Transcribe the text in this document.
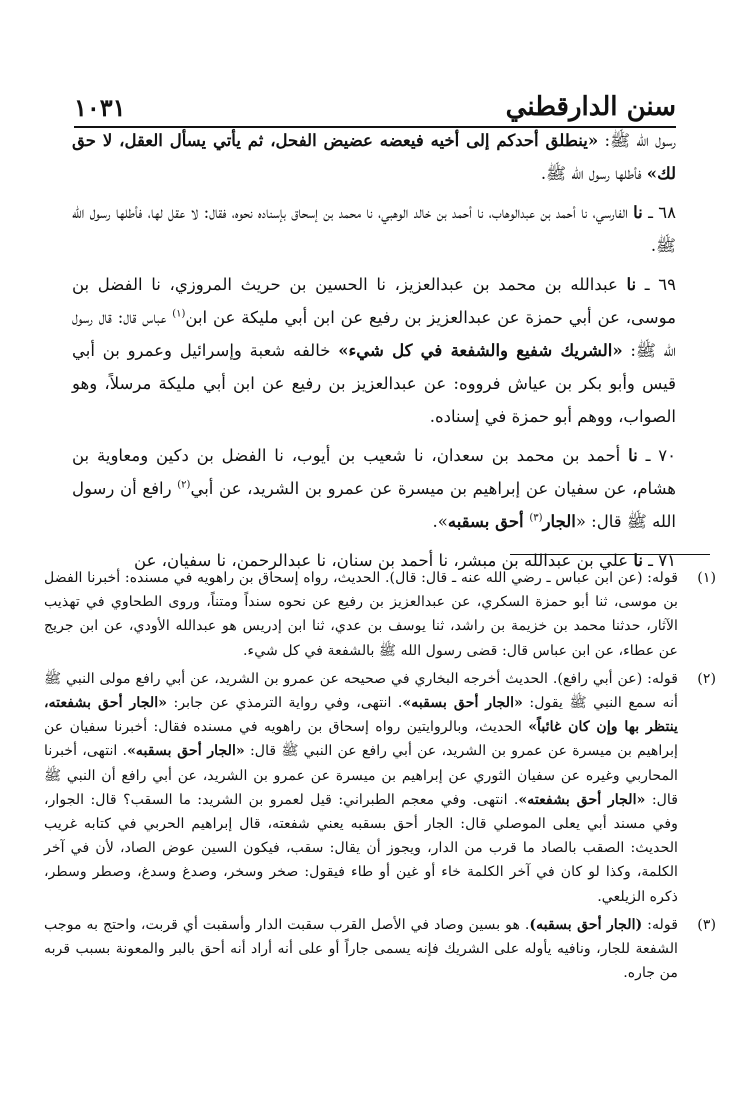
سنن الدارقطني
١٠٣١

رسول الله ﷺ: «ينطلق أحدكم إلى أخيه فيعضه عضيض الفحل، ثم يأتي يسأل العقل، لا حق لك» فأطلها رسول الله ﷺ.

٦٨ ـ نا الفارسي، نا أحمد بن عبدالوهاب، نا أحمد بن خالد الوهبي، نا محمد بن إسحاق بإسناده نحوه، فقال: لا عقل لها، فأطلها رسول الله ﷺ.

٦٩ ـ نا عبدالله بن محمد بن عبدالعزيز، نا الحسين بن حريث المروزي، نا الفضل بن موسى، عن أبي حمزة عن عبدالعزيز بن رفيع عن ابن أبي مليكة عن ابن$^{(١)}$ عباس قال: قال رسول الله ﷺ: «الشريك شفيع والشفعة في كل شيء» خالفه شعبة وإسرائيل وعمرو بن أبي قيس وأبو بكر بن عياش فرووه: عن عبدالعزيز بن رفيع عن ابن أبي مليكة مرسلاً، وهو الصواب، ووهم أبو حمزة في إسناده.

٧٠ ـ نا أحمد بن محمد بن سعدان، نا شعيب بن أيوب، نا الفضل بن دكين ومعاوية بن هشام، عن سفيان عن إبراهيم بن ميسرة عن عمرو بن الشريد، عن أبي$^{(٢)}$ رافع أن رسول الله ﷺ قال: «الجار$^{(٣)}$ أحق بسقبه».

٧١ ـ نا علي بن عبدالله بن مبشر، نا أحمد بن سنان، نا عبدالرحمن، نا سفيان، عن

(١)
قوله: (عن ابن عباس ـ رضي الله عنه ـ قال: قال). الحديث، رواه إسحاق بن راهويه في مسنده: أخبرنا الفضل بن موسى، ثنا أبو حمزة السكري، عن عبدالعزيز بن رفيع عن نحوه سنداً ومتناً، وروى الطحاوي في تهذيب الآثار، حدثنا محمد بن خزيمة بن راشد، ثنا يوسف بن عدي، ثنا ابن إدريس هو عبدالله الأودي، عن ابن جريج عن عطاء، عن ابن عباس قال: قضى رسول الله ﷺ بالشفعة في كل شيء.
(٢)
قوله: (عن أبي رافع). الحديث أخرجه البخاري في صحيحه عن عمرو بن الشريد، عن أبي رافع مولى النبي ﷺ أنه سمع النبي ﷺ يقول: «الجار أحق بسقبه». انتهى، وفي رواية الترمذي عن جابر: «الجار أحق بشفعته، ينتظر بها وإن كان غائباً» الحديث، وبالروايتين رواه إسحاق بن راهويه في مسنده فقال: أخبرنا سفيان عن إبراهيم بن ميسرة عن عمرو بن الشريد، عن أبي رافع عن النبي ﷺ قال: «الجار أحق بسقبه». انتهى، أخبرنا المحاربي وغيره عن سفيان الثوري عن إبراهيم بن ميسرة عن عمرو بن الشريد، عن أبي رافع أن النبي ﷺ قال: «الجار أحق بشفعته». انتهى. وفي معجم الطبراني: قيل لعمرو بن الشريد: ما السقب؟ قال: الجوار، وفي مسند أبي يعلى الموصلي قال: الجار أحق بسقبه يعني شفعته، قال إبراهيم الحربي في كتابه غريب الحديث: الصقب بالصاد ما قرب من الدار، ويجوز أن يقال: سقب، فيكون السين عوض الصاد، لأن في آخر الكلمة، وكذا لو كان في آخر الكلمة خاء أو غين أو طاء فيقول: صخر وسخر، وصدغ وسدغ، وصطر وسطر، ذكره الزيلعي.
(٣)
قوله: (الجار أحق بسقبه). هو بسين وصاد في الأصل القرب سقبت الدار وأسقبت أي قربت، واحتج به موجب الشفعة للجار، ونافيه يأوله على الشريك فإنه يسمى جاراً أو على أنه أراد أنه أحق بالبر والمعونة بسبب قربه من جاره.
